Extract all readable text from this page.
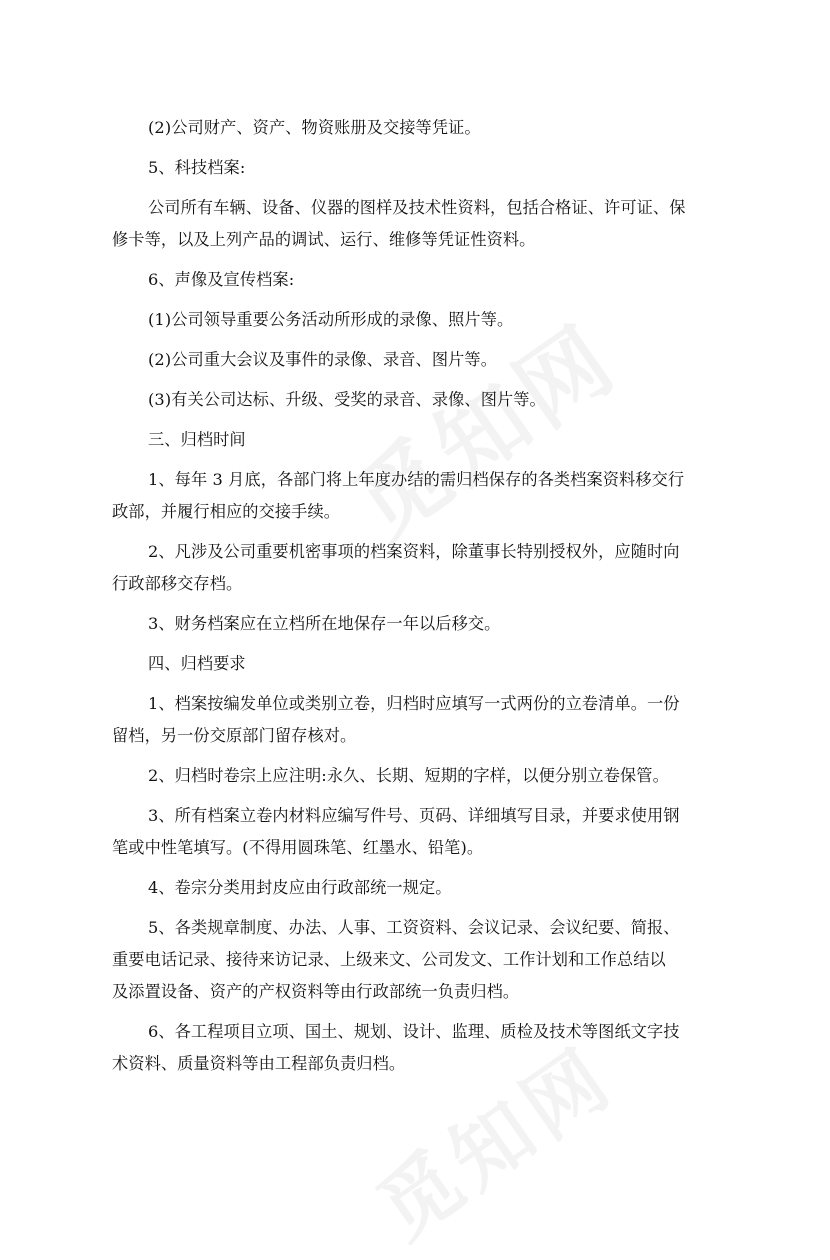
(2)公司财产、资产、物资账册及交接等凭证。
5、科技档案:
公司所有车辆、设备、仪器的图样及技术性资料，包括合格证、许可证、保
修卡等，以及上列产品的调试、运行、维修等凭证性资料。
6、声像及宣传档案:
(1)公司领导重要公务活动所形成的录像、照片等。
(2)公司重大会议及事件的录像、录音、图片等。
(3)有关公司达标、升级、受奖的录音、录像、图片等。
三、归档时间
1、每年 3 月底，各部门将上年度办结的需归档保存的各类档案资料移交行
政部，并履行相应的交接手续。
2、凡涉及公司重要机密事项的档案资料，除董事长特别授权外，应随时向
行政部移交存档。
3、财务档案应在立档所在地保存一年以后移交。
四、归档要求
1、档案按编发单位或类别立卷，归档时应填写一式两份的立卷清单。一份
留档，另一份交原部门留存核对。
2、归档时卷宗上应注明:永久、长期、短期的字样，以便分别立卷保管。
3、所有档案立卷内材料应编写件号、页码、详细填写目录，并要求使用钢
笔或中性笔填写。(不得用圆珠笔、红墨水、铅笔)。
4、卷宗分类用封皮应由行政部统一规定。
5、各类规章制度、办法、人事、工资资料、会议记录、会议纪要、简报、
重要电话记录、接待来访记录、上级来文、公司发文、工作计划和工作总结以
及添置设备、资产的产权资料等由行政部统一负责归档。
6、各工程项目立项、国土、规划、设计、监理、质检及技术等图纸文字技
术资料、质量资料等由工程部负责归档。
